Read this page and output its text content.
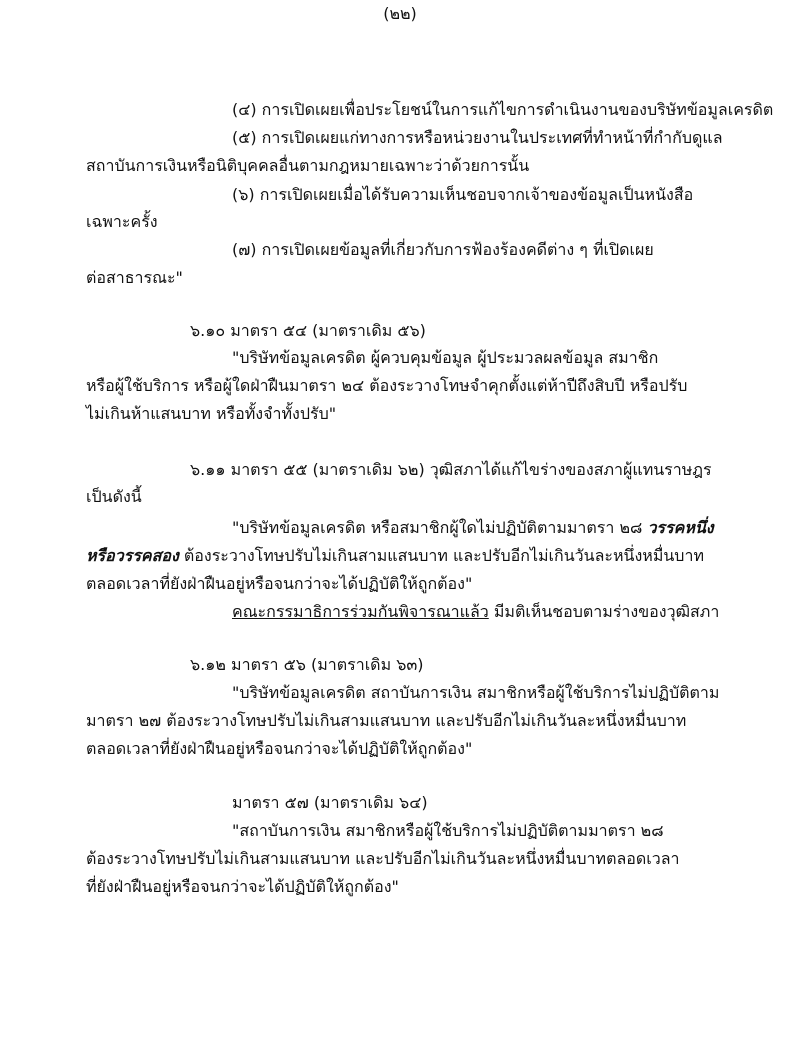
(๒๒)
(๔) การเปิดเผยเพื่อประโยชน์ในการแก้ไขการดำเนินงานของบริษัทข้อมูลเครดิต
(๕) การเปิดเผยแก่ทางการหรือหน่วยงานในประเทศที่ทำหน้าที่กำกับดูแล
สถาบันการเงินหรือนิติบุคคลอื่นตามกฎหมายเฉพาะว่าด้วยการนั้น
(๖) การเปิดเผยเมื่อได้รับความเห็นชอบจากเจ้าของข้อมูลเป็นหนังสือ
เฉพาะครั้ง
(๗) การเปิดเผยข้อมูลที่เกี่ยวกับการฟ้องร้องคดีต่าง ๆ ที่เปิดเผย
ต่อสาธารณะ"
๖.๑๐ มาตรา ๕๔ (มาตราเดิม ๕๖)
"บริษัทข้อมูลเครดิต ผู้ควบคุมข้อมูล ผู้ประมวลผลข้อมูล สมาชิก
หรือผู้ใช้บริการ หรือผู้ใดฝ่าฝืนมาตรา ๒๔ ต้องระวางโทษจำคุกตั้งแต่ห้าปีถึงสิบปี หรือปรับ
ไม่เกินห้าแสนบาท หรือทั้งจำทั้งปรับ"
๖.๑๑ มาตรา ๕๕ (มาตราเดิม ๖๒) วุฒิสภาได้แก้ไขร่างของสภาผู้แทนราษฎร
เป็นดังนี้
"บริษัทข้อมูลเครดิต หรือสมาชิกผู้ใดไม่ปฏิบัติตามมาตรา ๒๘ วรรคหนึ่ง
หรือวรรคสอง ต้องระวางโทษปรับไม่เกินสามแสนบาท และปรับอีกไม่เกินวันละหนึ่งหมื่นบาท
ตลอดเวลาที่ยังฝ่าฝืนอยู่หรือจนกว่าจะได้ปฏิบัติให้ถูกต้อง"
คณะกรรมาธิการร่วมกันพิจารณาแล้ว มีมติเห็นชอบตามร่างของวุฒิสภา
๖.๑๒ มาตรา ๕๖ (มาตราเดิม ๖๓)
"บริษัทข้อมูลเครดิต สถาบันการเงิน สมาชิกหรือผู้ใช้บริการไม่ปฏิบัติตาม
มาตรา ๒๗ ต้องระวางโทษปรับไม่เกินสามแสนบาท และปรับอีกไม่เกินวันละหนึ่งหมื่นบาท
ตลอดเวลาที่ยังฝ่าฝืนอยู่หรือจนกว่าจะได้ปฏิบัติให้ถูกต้อง"
มาตรา ๕๗ (มาตราเดิม ๖๔)
"สถาบันการเงิน สมาชิกหรือผู้ใช้บริการไม่ปฏิบัติตามมาตรา ๒๘
ต้องระวางโทษปรับไม่เกินสามแสนบาท และปรับอีกไม่เกินวันละหนึ่งหมื่นบาทตลอดเวลา
ที่ยังฝ่าฝืนอยู่หรือจนกว่าจะได้ปฏิบัติให้ถูกต้อง"
